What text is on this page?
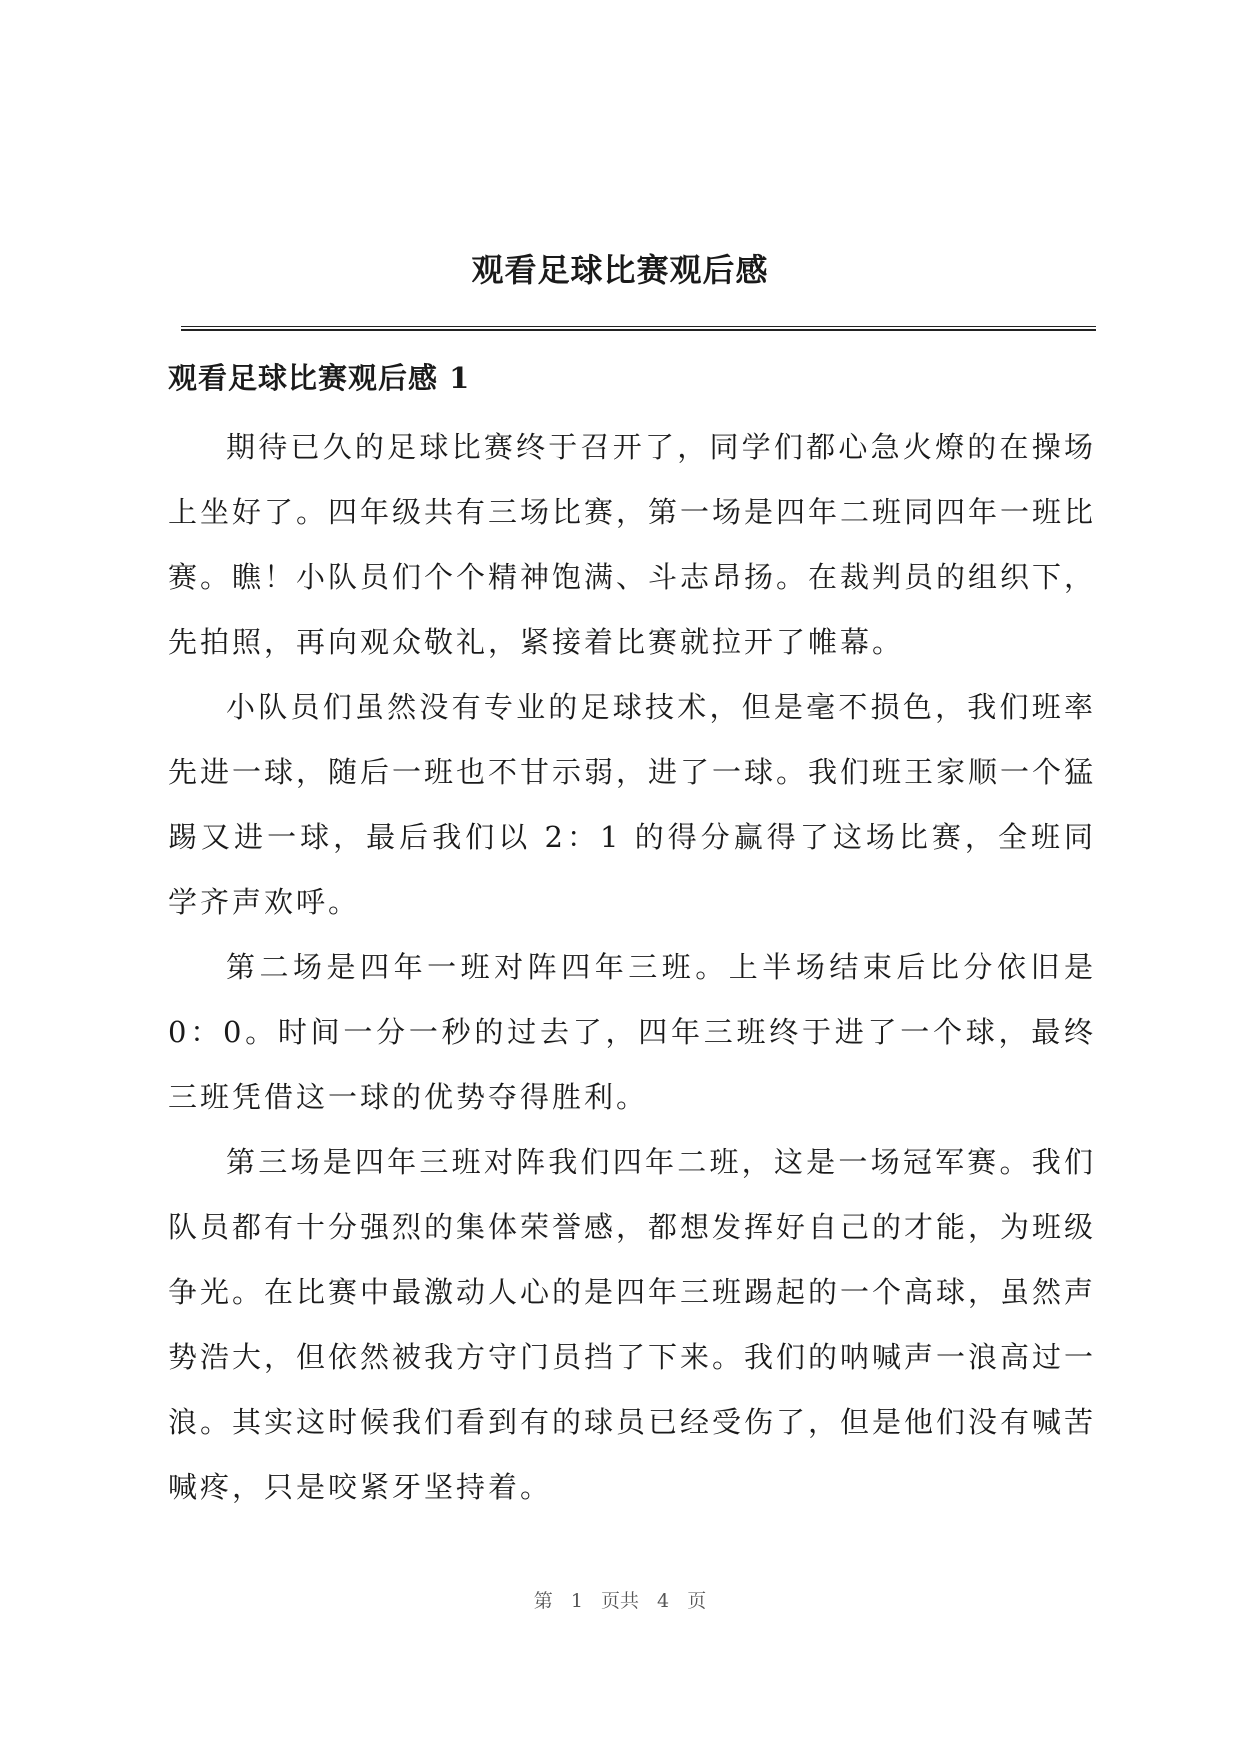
观看足球比赛观后感
观看足球比赛观后感 1

期待已久的足球比赛终于召开了，同学们都心急火燎的在操场上坐好了。四年级共有三场比赛，第一场是四年二班同四年一班比赛。瞧！小队员们个个精神饱满、斗志昂扬。在裁判员的组织下，先拍照，再向观众敬礼，紧接着比赛就拉开了帷幕。

小队员们虽然没有专业的足球技术，但是毫不损色，我们班率先进一球，随后一班也不甘示弱，进了一球。我们班王家顺一个猛踢又进一球，最后我们以 2：1 的得分赢得了这场比赛，全班同学齐声欢呼。

第二场是四年一班对阵四年三班。上半场结束后比分依旧是 0：0。时间一分一秒的过去了，四年三班终于进了一个球，最终三班凭借这一球的优势夺得胜利。

第三场是四年三班对阵我们四年二班，这是一场冠军赛。我们队员都有十分强烈的集体荣誉感，都想发挥好自己的才能，为班级争光。在比赛中最激动人心的是四年三班踢起的一个高球，虽然声势浩大，但依然被我方守门员挡了下来。我们的呐喊声一浪高过一浪。其实这时候我们看到有的球员已经受伤了，但是他们没有喊苦喊疼，只是咬紧牙坚持着。

第 1 页共 4 页
